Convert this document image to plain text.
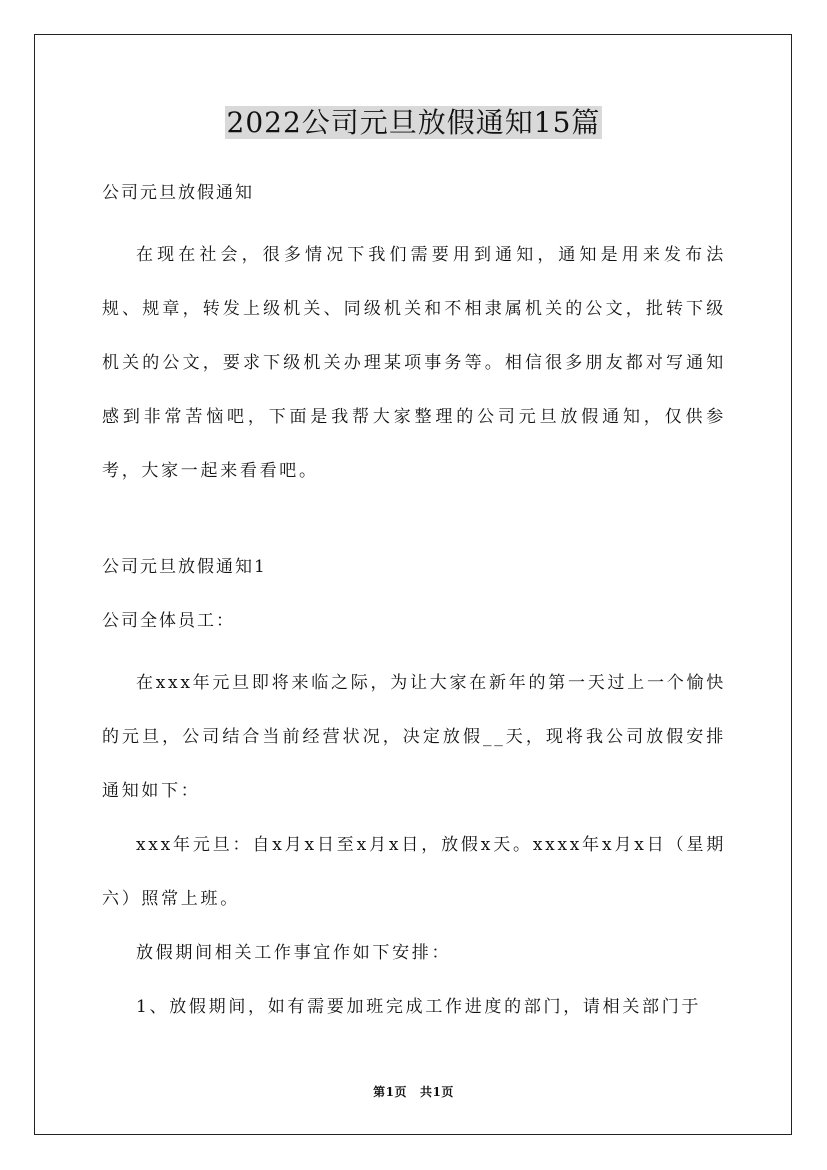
2022公司元旦放假通知15篇
公司元旦放假通知

在现在社会，很多情况下我们需要用到通知，通知是用来发布法规、规章，转发上级机关、同级机关和不相隶属机关的公文，批转下级机关的公文，要求下级机关办理某项事务等。相信很多朋友都对写通知感到非常苦恼吧，下面是我帮大家整理的公司元旦放假通知，仅供参考，大家一起来看看吧。

公司元旦放假通知1
公司全体员工：

在xxx年元旦即将来临之际，为让大家在新年的第一天过上一个愉快的元旦，公司结合当前经营状况，决定放假__天，现将我公司放假安排通知如下：

xxx年元旦：自x月x日至x月x日，放假x天。xxxx年x月x日（星期六）照常上班。

放假期间相关工作事宜作如下安排：

1、放假期间，如有需要加班完成工作进度的部门，请相关部门于

第1页 共1页
